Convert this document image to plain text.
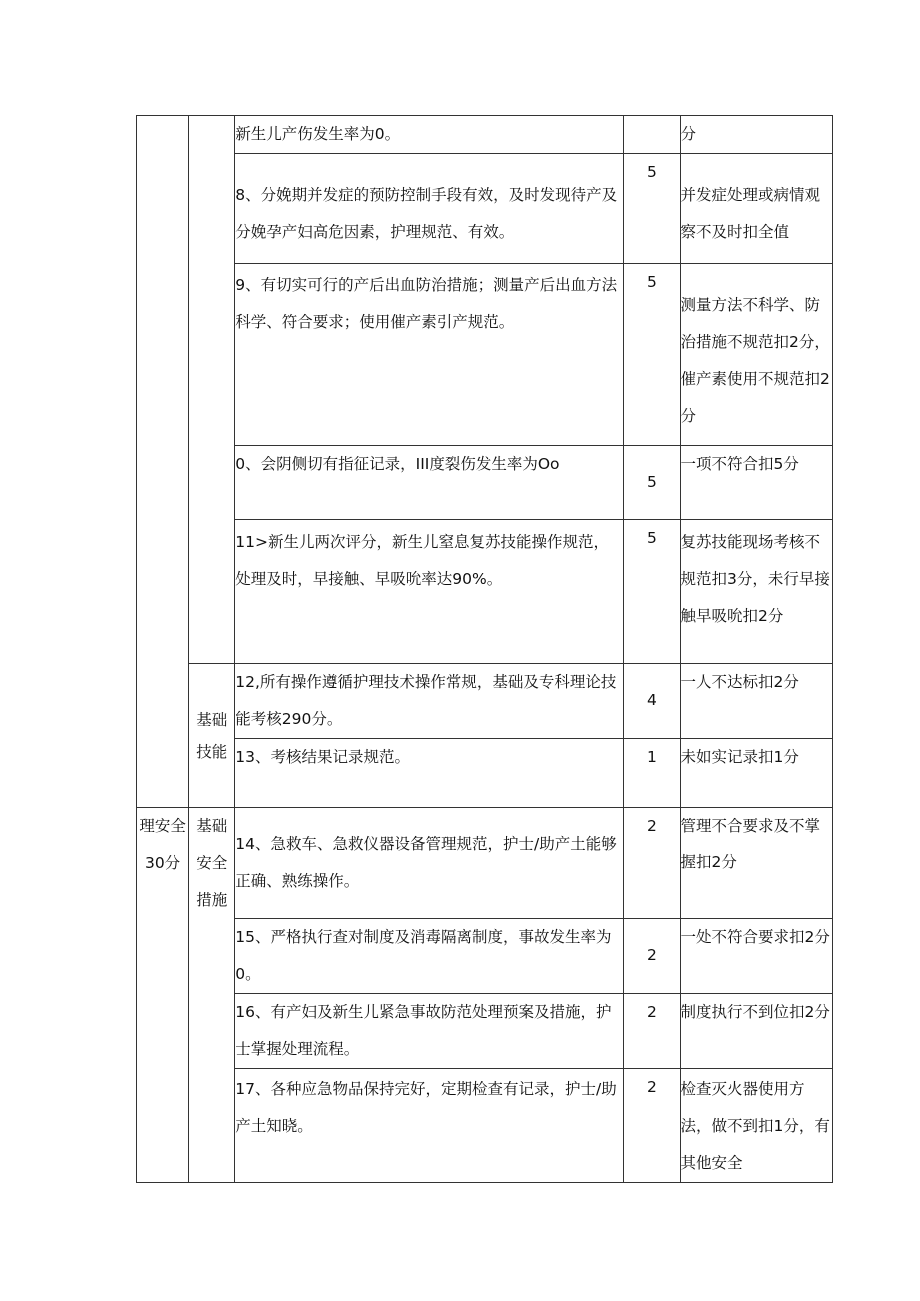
		新生儿产伤发生率为0。		分
		8、分娩期并发症的预防控制手段有效，及时发现待产及分娩孕产妇高危因素，护理规范、有效。	5	并发症处理或病情观察不及时扣全值
		9、有切实可行的产后出血防治措施；测量产后出血方法科学、符合要求；使用催产素引产规范。	5	测量方法不科学、防治措施不规范扣2分，催产素使用不规范扣2分
		0、会阴侧切有指征记录，III度裂伤发生率为Oo	5	一项不符合扣5分
		11>新生儿两次评分，新生儿窒息复苏技能操作规范，处理及时，早接触、早吸吮率达90%。	5	复苏技能现场考核不规范扣3分，未行早接触早吸吮扣2分
	基础技能	12,所有操作遵循护理技术操作常规，基础及专科理论技能考核290分。	4	一人不达标扣2分
		13、考核结果记录规范。	1	未如实记录扣1分
理安全30分	基础安全措施	14、急救车、急救仪器设备管理规范，护士/助产土能够正确、熟练操作。	2	管理不合要求及不掌握扣2分
		15、严格执行查对制度及消毒隔离制度，事故发生率为0。	2	一处不符合要求扣2分
		16、有产妇及新生儿紧急事故防范处理预案及措施，护士掌握处理流程。	2	制度执行不到位扣2分
		17、各种应急物品保持完好，定期检查有记录，护士/助产土知晓。	2	检查灭火器使用方法，做不到扣1分，有其他安全
